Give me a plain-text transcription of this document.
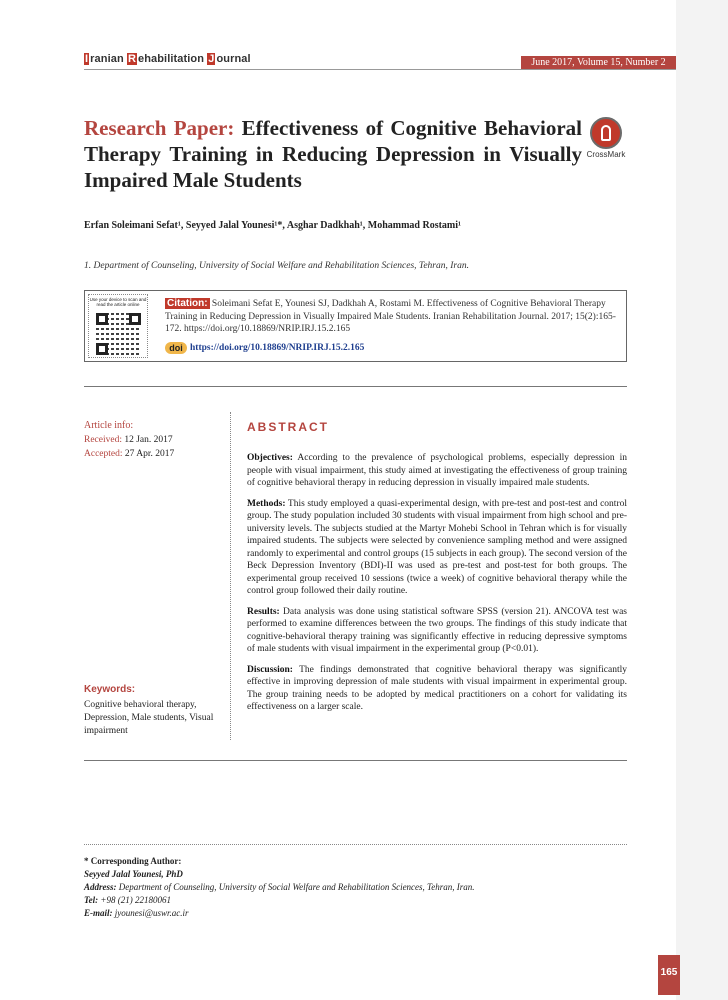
I ranian R ehabilitation J ournal	June 2017, Volume 15, Number 2
Research Paper: Effectiveness of Cognitive Behavioral Therapy Training in Reducing Depression in Visually Impaired Male Students
CrossMark
Erfan Soleimani Sefat¹, Seyyed Jalal Younesi¹*, Asghar Dadkhah¹, Mohammad Rostami¹
1. Department of Counseling, University of Social Welfare and Rehabilitation Sciences, Tehran, Iran.
Use your device to scan and read the article online	Citation: Soleimani Sefat E, Younesi SJ, Dadkhah A, Rostami M. Effectiveness of Cognitive Behavioral Therapy Training in Reducing Depression in Visually Impaired Male Students. Iranian Rehabilitation Journal. 2017; 15(2):165-172. https://doi.org/10.18869/NRIP.IRJ.15.2.165
doi https://doi.org/10.18869/NRIP.IRJ.15.2.165
Article info:
Received: 12 Jan. 2017
Accepted: 27 Apr. 2017
Keywords:
Cognitive behavioral therapy, Depression, Male students, Visual impairment
ABSTRACT

Objectives: According to the prevalence of psychological problems, especially depression in people with visual impairment, this study aimed at investigating the effectiveness of group training of cognitive behavioral therapy in reducing depression in visually impaired male students.

Methods: This study employed a quasi-experimental design, with pre-test and post-test and control group. The study population included 30 students with visual impairment from high school and pre-university levels. The subjects studied at the Martyr Mohebi School in Tehran which is for visually impaired students. The subjects were selected by convenience sampling method and were assigned randomly to experimental and control groups (15 subjects in each group). The second version of the Beck Depression Inventory (BDI)-II was used as pre-test and post-test for both groups. The experimental group received 10 sessions (twice a week) of cognitive behavioral therapy while the control group followed their daily routine.

Results: Data analysis was done using statistical software SPSS (version 21). ANCOVA test was performed to examine differences between the two groups. The findings of this study indicate that cognitive-behavioral therapy training was significantly effective in reducing depressive symptoms of male students with visual impairment in the experimental group (P<0.01).

Discussion: The findings demonstrated that cognitive behavioral therapy was significantly effective in improving depression of male students with visual impairment in experimental group. The group training needs to be adopted by medical practitioners on a cohort for validating its effectiveness on a larger scale.

* Corresponding Author:
Seyyed Jalal Younesi, PhD
Address: Department of Counseling, University of Social Welfare and Rehabilitation Sciences, Tehran, Iran.
Tel: +98 (21) 22180061
E-mail: jyounesi@uswr.ac.ir
165
